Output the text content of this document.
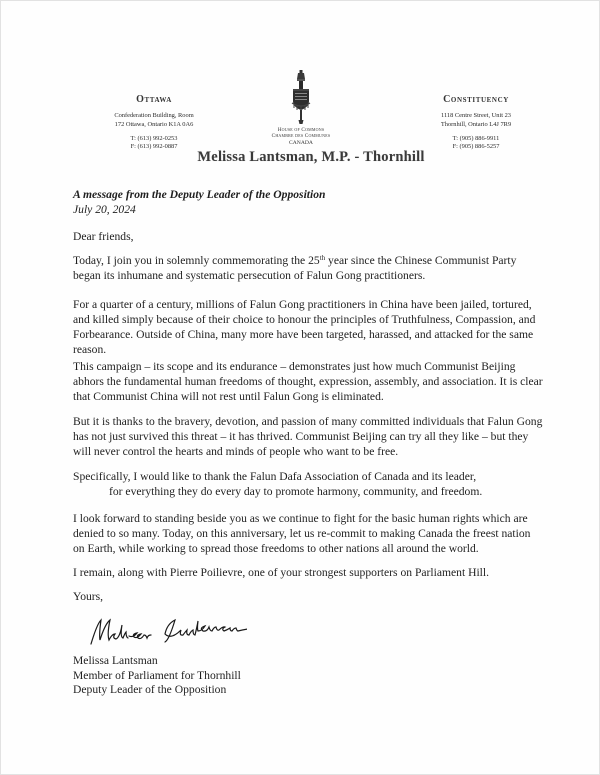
Ottawa
Confederation Building, Room
172 Ottawa, Ontario K1A 0A6
T: (613) 992-0253
F: (613) 992-0887
House of Commons
Chambre des Communes
CANADA
Constituency
1118 Centre Street, Unit 23
Thornhill, Ontario L4J 7R9
T: (905) 886-9911
F: (905) 886-5257
Melissa Lantsman, M.P. - Thornhill

A message from the Deputy Leader of the Opposition

July 20, 2024

Dear friends,
Today, I join you in solemnly commemorating the 25th year since the Chinese Communist Party began its inhumane and systematic persecution of Falun Gong practitioners.
For a quarter of a century, millions of Falun Gong practitioners in China have been jailed, tortured, and killed simply because of their choice to honour the principles of Truthfulness, Compassion, and Forbearance. Outside of China, many more have been targeted, harassed, and attacked for the same reason.
This campaign – its scope and its endurance – demonstrates just how much Communist Beijing abhors the fundamental human freedoms of thought, expression, assembly, and association. It is clear that Communist China will not rest until Falun Gong is eliminated.
But it is thanks to the bravery, devotion, and passion of many committed individuals that Falun Gong has not just survived this threat – it has thrived. Communist Beijing can try all they like – but they will never control the hearts and minds of people who want to be free.

Specifically, I would like to thank the Falun Dafa Association of Canada and its leader,

for everything they do every day to promote harmony, community, and freedom.

I look forward to standing beside you as we continue to fight for the basic human rights which are denied to so many. Today, on this anniversary, let us re-commit to making Canada the freest nation on Earth, while working to spread those freedoms to other nations all around the world.
I remain, along with Pierre Poilievre, one of your strongest supporters on Parliament Hill.
Yours,
Melissa Lantsman
Member of Parliament for Thornhill
Deputy Leader of the Opposition
